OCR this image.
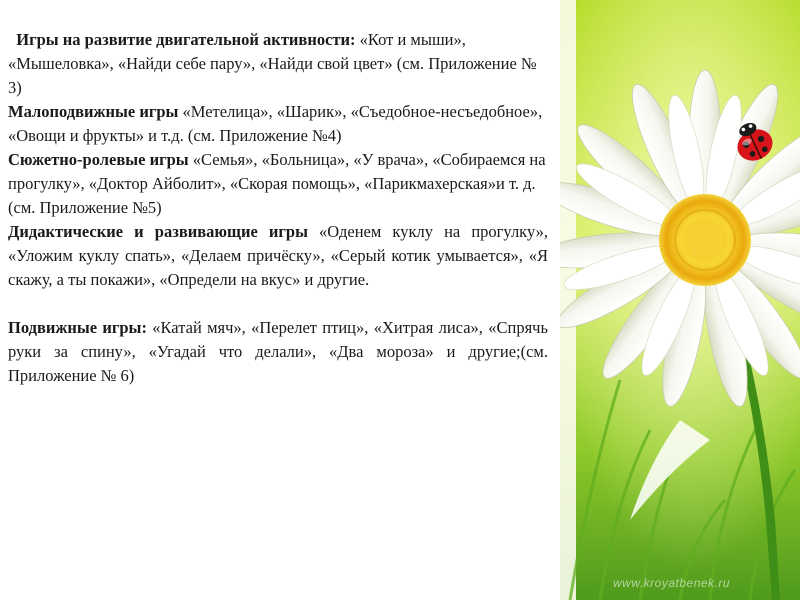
Игры на развитие двигательной активности: «Кот и мыши», «Мышеловка», «Найди себе пару», «Найди свой цвет» (см. Приложение № 3)

Малоподвижные игры «Метелица», «Шарик», «Съедобное-несъедобное», «Овощи и фрукты» и т.д. (см. Приложение №4)

Сюжетно-ролевые игры «Семья», «Больница», «У врача», «Собираемся на прогулку», «Доктор Айболит», «Скорая помощь», «Парикмахерская»и т. д. (см. Приложение №5)

Дидактические и развивающие игры «Оденем куклу на прогулку», «Уложим куклу спать», «Делаем причёску», «Серый котик умывается», «Я скажу, а ты покажи», «Определи на вкус» и другие.

Подвижные игры: «Катай мяч», «Перелет птиц», «Хитрая лиса», «Спрячь руки за спину», «Угадай что делали», «Два мороза» и другие;(см. Приложение № 6)

www.kroyatbenek.ru
